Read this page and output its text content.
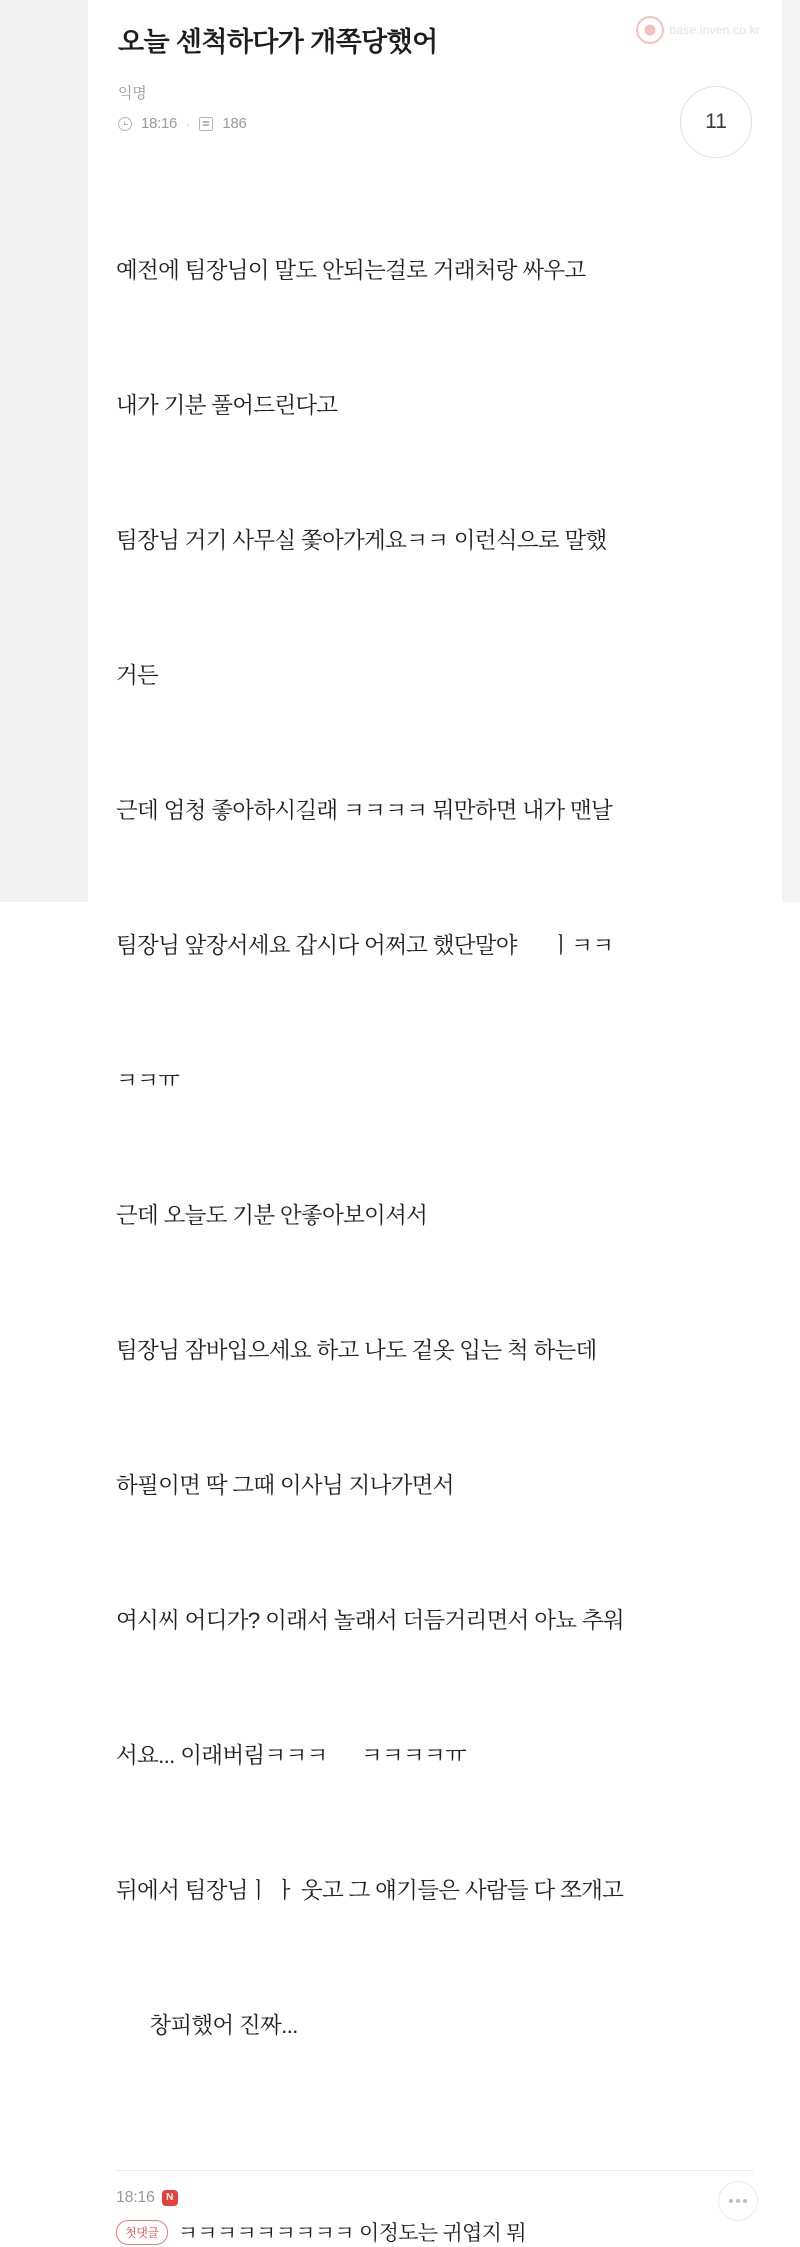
base.inven.co.kr
오늘 센척하다가 개쪽당했어
익명
18:16 · 186	11

예전에 팀장님이 말도 안되는걸로 거래처랑 싸우고

내가 기분 풀어드린다고

팀장님 거기 사무실 쫓아가게요ㅋㅋ 이런식으로 말했

거든

근데 엄청 좋아하시길래 ㅋㅋㅋㅋ 뭐만하면 내가 맨날

팀장님 앞장서세요 갑시다 어쩌고 했단말야      ㅣㅋㅋ

ㅋㅋㅠ

근데 오늘도 기분 안좋아보이셔서

팀장님 잠바입으세요 하고 나도 겉옷 입는 척 하는데

하필이면 딱 그때 이사님 지나가면서

여시씨 어디가? 이래서 놀래서 더듬거리면서 아뇨 추워

서요... 이래버림ㅋㅋㅋ      ㅋㅋㅋㅋㅠ

뒤에서 팀장님ㅣ ㅏ 웃고 그 얘기들은 사람들 다 쪼개고

창피했어 진짜...

18:16	N
첫댓글 ㅋㅋㅋㅋㅋㅋㅋㅋㅋ 이정도는 귀엽지 뭐
